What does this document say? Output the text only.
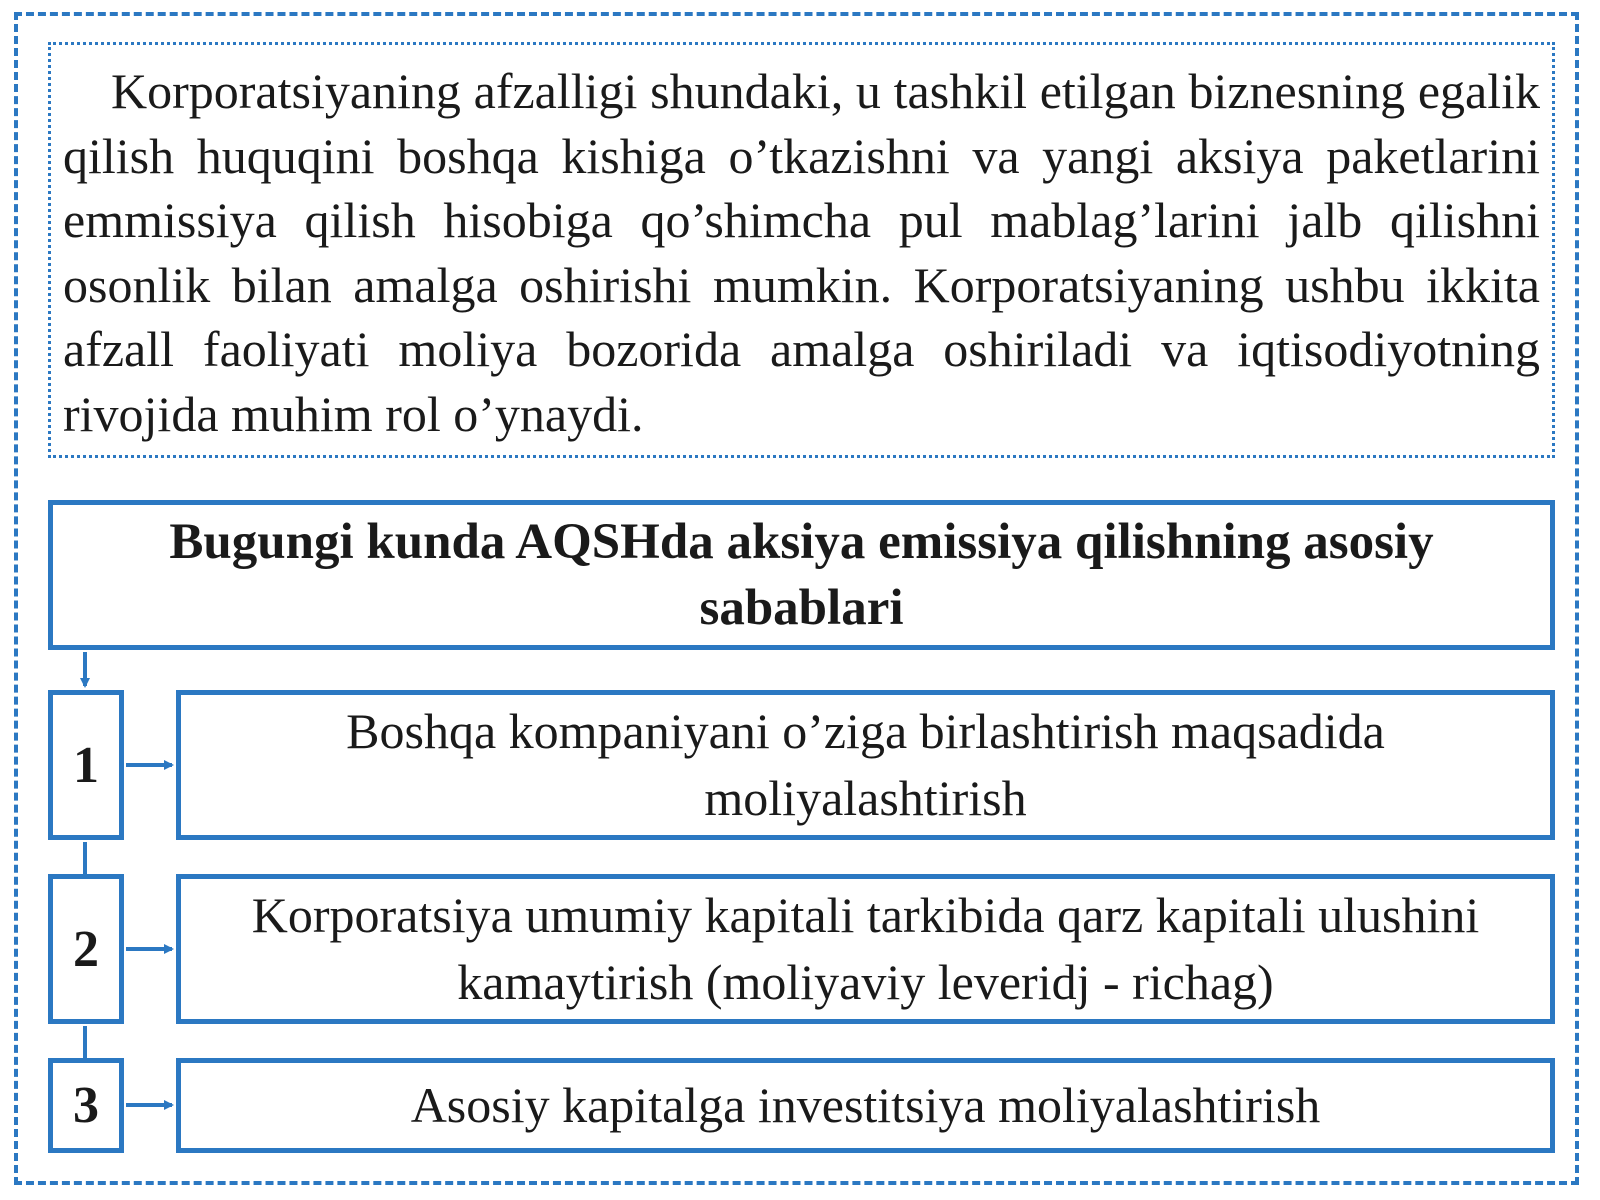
Korporatsiyaning afzalligi shundaki, u tashkil etilgan biznesning egalik qilish huquqini boshqa kishiga o’tkazishni va yangi aksiya paketlarini emmissiya qilish hisobiga qo’shimcha pul mablag’larini jalb qilishni osonlik bilan amalga oshirishi mumkin. Korporatsiyaning ushbu ikkita afzall faoliyati moliya bozorida amalga oshiriladi va iqtisodiyotning rivojida muhim rol o’ynaydi.

Bugungi kunda AQSHda aksiya emissiya qilishning asosiy sabablari
1
Boshqa kompaniyani o’ziga birlashtirish maqsadida moliyalashtirish
2
Korporatsiya umumiy kapitali tarkibida qarz kapitali ulushini kamaytirish (moliyaviy leveridj - richag)
3	Asosiy kapitalga investitsiya moliyalashtirish
